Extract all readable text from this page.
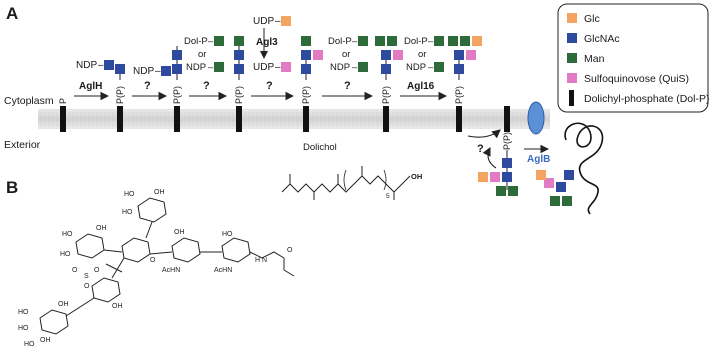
A
B
Cytoplasm
Exterior
P	P(P)	P(P)	P(P)	P(P)	P(P)	P(P)
P(P)
NDP –
NDP –
Dol-P –
or
NDP –
UDP –
UDP –
Dol-P –
or
NDP –
Dol-P –
or
NDP –
AglH	?	?
Agl3
?	?	Agl16
?
AglB
Glc
GlcNAc
Man
Sulfoquinovose (QuiS)
Dolichyl-phosphate (Dol-P)
Dolichol
5
OH
HO	OH
HO
HO
OH
HO
OH	HO
AcHN	AcHN
H N
O
O
S
O
O
HO
OH
HO
OH
HO
OH
O
